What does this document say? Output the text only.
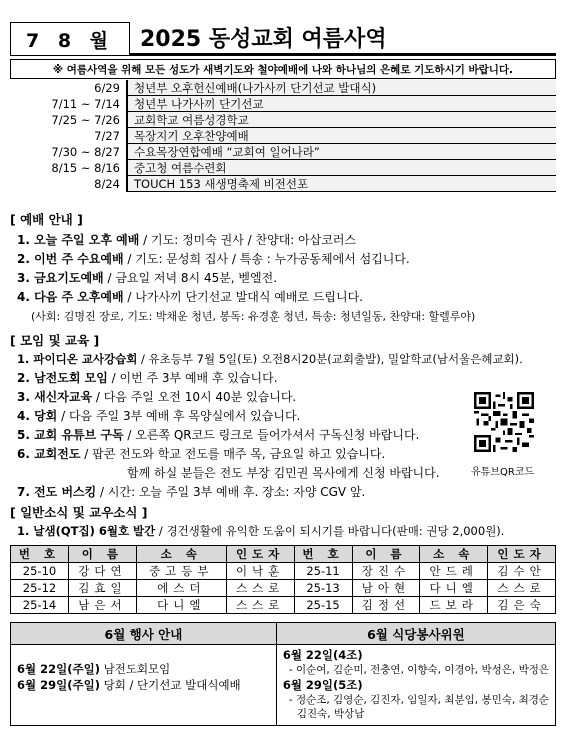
7 8 월	2025 동성교회 여름사역
※ 여름사역을 위해 모든 성도가 새벽기도와 철야예배에 나와 하나님의 은혜로 기도하시기 바랍니다.
6/29	청년부 오후헌신예배(나가사끼 단기선교 발대식)
7/11 ~ 7/14	청년부 나가사끼 단기선교
7/25 ~ 7/26	교회학교 여름성경학교
7/27	목장지기 오후찬양예배
7/30 ~ 8/27	수요목장연합예배 “교회여 일어나라”
8/15 ~ 8/16	중고청 여름수련회
8/24	TOUCH 153 새생명축제 비전선포
[ 예배 안내 ]
1. 오늘 주일 오후 예배 / 기도: 정미숙 권사 / 찬양대: 아삽코러스
2. 이번 주 수요예배 / 기도: 문성희 집사 / 특송 : 누가공동체에서 섬깁니다.
3. 금요기도예배 / 금요일 저녁 8시 45분, 벧엘전.
4. 다음 주 오후예배 / 나가사끼 단기선교 발대식 예배로 드립니다.
(사회: 김명진 장로, 기도: 박채운 청년, 봉독: 유경훈 청년, 특송: 청년일동, 찬양대: 할렐루야)
[ 모임 및 교육 ]
1. 파이디온 교사강습회 / 유초등부 7월 5일(토) 오전8시20분(교회출발), 밀알학교(남서울은혜교회).
2. 남전도회 모임 / 이번 주 3부 예배 후 있습니다.
3. 새신자교육 / 다음 주일 오전 10시 40분 있습니다.
4. 당회 / 다음 주일 3부 예배 후 목양실에서 있습니다.
5. 교회 유튜브 구독 / 오른쪽 QR코드 링크로 들어가셔서 구독신청 바랍니다.
6. 교회전도 / 팝콘 전도와 학교 전도를 매주 목, 금요일 하고 있습니다.
함께 하실 분들은 전도 부장 김민권 목사에게 신청 바랍니다.
7. 전도 버스킹 / 시간: 오늘 주일 3부 예배 후. 장소: 자양 CGV 앞.
유튜브QR코드
[ 일반소식 및 교우소식 ]
1. 날샘(QT집) 6월호 발간 / 경건생활에 유익한 도움이 되시기를 바랍니다(판매: 권당 2,000원).
번 호	이 름	소 속	인도자	번 호	이 름	소 속	인도자
25-10	강다연	중고등부	이낙훈	25-11	장진수	안드레	김수안
25-12	김효일	에스더	스스로	25-13	남아현	다니엘	스스로
25-14	남은서	다니엘	스스로	25-15	김정선	드보라	김은숙
6월 행사 안내
6월 22일(주일) 남전도회모임
6월 29일(주일) 당회 / 단기선교 발대식예배
6월 식당봉사위원
6월 22일(4조)
- 이순여, 김순미, 전충연, 이향숙, 이경아, 박성은, 박정은
6월 29일(5조)
- 정순조, 김영순, 김진자, 임일자, 최분임, 봉민숙, 최경순
김진숙, 박상남
